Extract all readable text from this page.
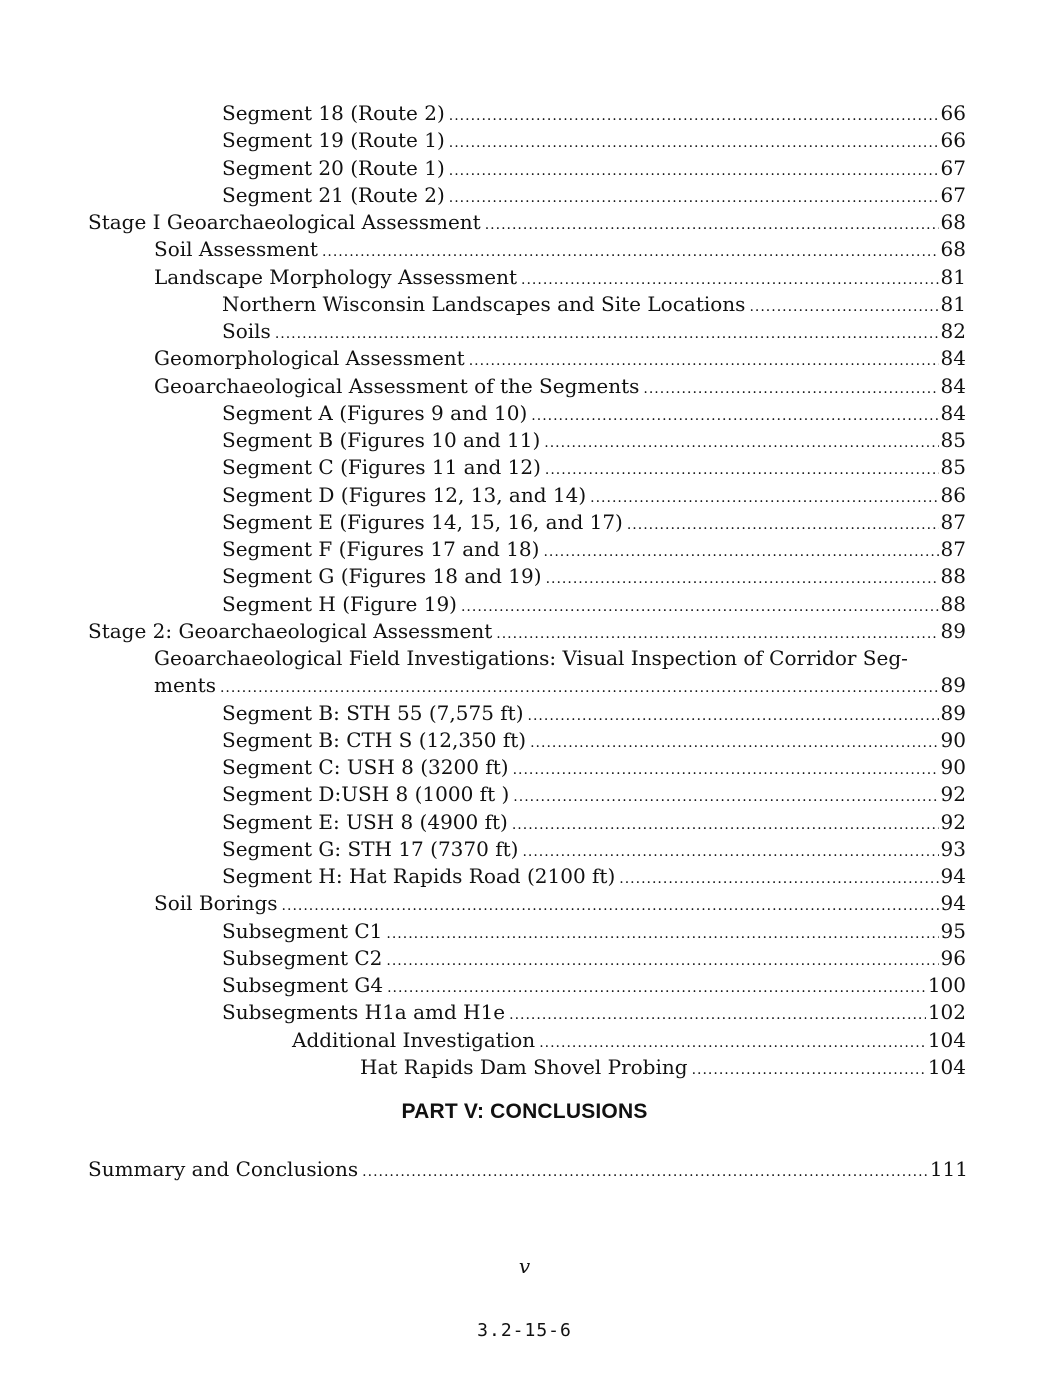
Segment 18 (Route 2) .....	66
Segment 19 (Route 1) .....	66
Segment 20 (Route 1) .....	67
Segment 21 (Route 2) .....	67
Stage I Geoarchaeological Assessment .....	68
Soil Assessment .....	68
Landscape Morphology Assessment .....	81
Northern Wisconsin Landscapes and Site Locations .....	81
Soils .....	82
Geomorphological Assessment .....	84
Geoarchaeological Assessment of the Segments .....	84
Segment A (Figures 9 and 10) .....	84
Segment B (Figures 10 and 11) .....	85
Segment C (Figures 11 and 12) .....	85
Segment D (Figures 12, 13, and 14) .....	86
Segment E (Figures 14, 15, 16, and 17) .....	87
Segment F (Figures 17 and 18) .....	87
Segment G (Figures 18 and 19) .....	88
Segment H (Figure 19) .....	88
Stage 2: Geoarchaeological Assessment .....	89
Geoarchaeological Field Investigations: Visual Inspection of Corridor Seg-
ments .....	89
Segment B: STH 55 (7,575 ft) .....	89
Segment B: CTH S (12,350 ft) .....	90
Segment C: USH 8 (3200 ft) .....	90
Segment D:USH 8 (1000 ft ) .....	92
Segment E: USH 8 (4900 ft) .....	92
Segment G: STH 17 (7370 ft) .....	93
Segment H: Hat Rapids Road (2100 ft) .....	94
Soil Borings .....	94
Subsegment C1 .....	95
Subsegment C2 .....	96
Subsegment G4 .....	100
Subsegments H1a amd H1e .....	102
Additional Investigation .....	104
Hat Rapids Dam Shovel Probing .....	104
PART V: CONCLUSIONS
Summary and Conclusions .....	111
v
3.2-15-6
